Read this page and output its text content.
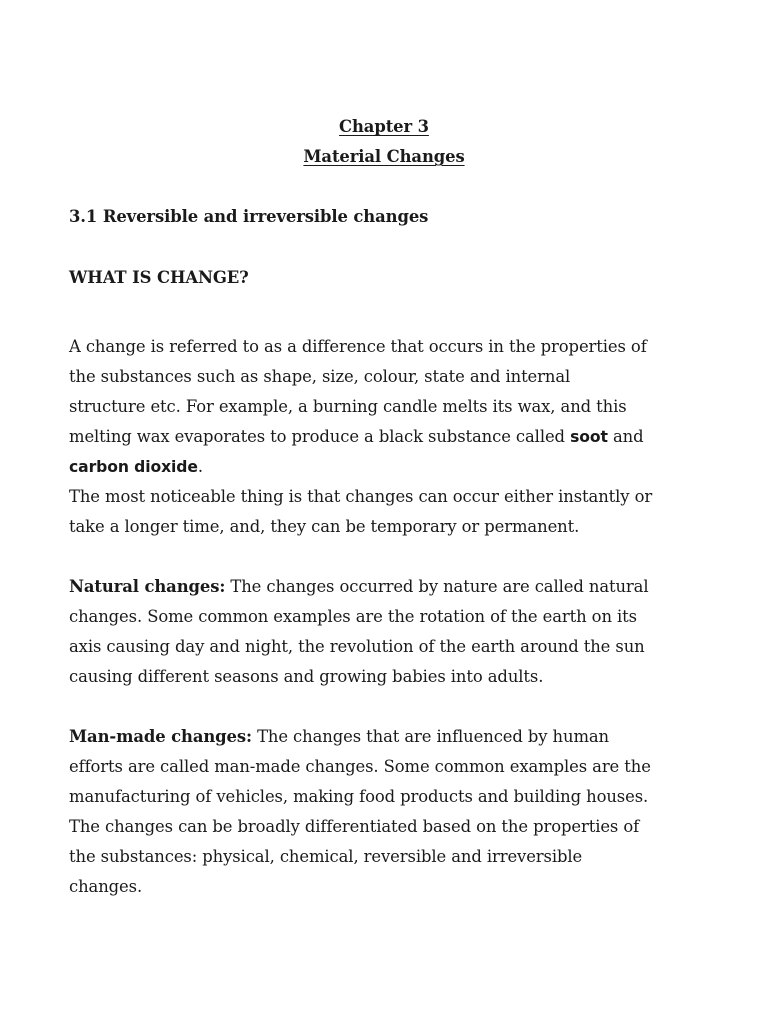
Chapter 3
Material Changes
3.1 Reversible and irreversible changes
WHAT IS CHANGE?
A change is referred to as a difference that occurs in the properties of
the substances such as shape, size, colour, state and internal
structure etc. For example, a burning candle melts its wax, and this
melting wax evaporates to produce a black substance called soot and
carbon dioxide.
The most noticeable thing is that changes can occur either instantly or
take a longer time, and, they can be temporary or permanent.
Natural changes: The changes occurred by nature are called natural
changes. Some common examples are the rotation of the earth on its
axis causing day and night, the revolution of the earth around the sun
causing different seasons and growing babies into adults.
Man-made changes: The changes that are influenced by human
efforts are called man-made changes. Some common examples are the
manufacturing of vehicles, making food products and building houses.
The changes can be broadly differentiated based on the properties of
the substances: physical, chemical, reversible and irreversible
changes.
